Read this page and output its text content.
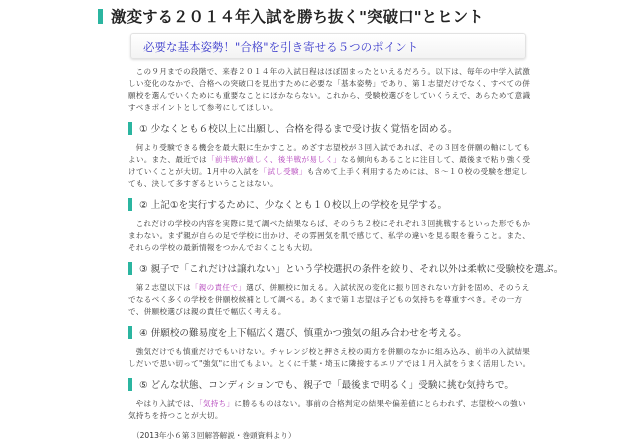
激変する２０１４年入試を勝ち抜く"突破口"とヒント
必要な基本姿勢！"合格"を引き寄せる５つのポイント

この９月までの段階で、来春２０１４年の入試日程はほぼ固まったといえるだろう。以下は、毎年の中学入試激しい変化のなかで、合格への突破口を見出すために必要な「基本姿勢」であり、第１志望だけでなく、すべての併願校を選んでいくためにも重要なことにほかならない。これから、受験校選びをしていくうえで、あらためて意識すべきポイントとして参考にしてほしい。

① 少なくとも６校以上に出願し、合格を得るまで受け抜く覚悟を固める。

何より受験できる機会を最大限に生かすこと。めざす志望校が３回入試であれば、その３回を併願の軸にしてもよい。また、最近では「前半戦が厳しく、後半戦が易しく」なる傾向もあることに注目して、最後まで粘り強く受けていくことが大切。1月中の入試を「試し受験」も含めて上手く利用するためには、８～１０校の受験を想定しても、決して多すぎるということはない。

② 上記①を実行するために、少なくとも１０校以上の学校を見学する。

これだけの学校の内容を実際に見て調べた結果ならば、そのうち２校にそれぞれ３回挑戦するといった形でもかまわない。まず親が自らの足で学校に出かけ、その雰囲気を肌で感じて、私学の違いを見る眼を養うこと。また、それらの学校の最新情報をつかんでおくことも大切。

③ 親子で「これだけは譲れない」という学校選択の条件を絞り、それ以外は柔軟に受験校を選ぶ。

第２志望以下は「親の責任で」選び、併願校に加える。入試状況の変化に振り回されない方針を固め、そのうえでなるべく多くの学校を併願校候補として調べる。あくまで第１志望は子どもの気持ちを尊重すべき。その一方で、併願校選びは親の責任で幅広く考える。

④ 併願校の難易度を上下幅広く選び、慎重かつ強気の組み合わせを考える。

強気だけでも慎重だけでもいけない。チャレンジ校と押さえ校の両方を併願のなかに組み込み、前半の入試結果しだいで思い切って"強気"に出てもよい。とくに千葉・埼玉に隣接するエリアでは１月入試をうまく活用したい。

⑤ どんな状態、コンディションでも、親子で「最後まで明るく」受験に挑む気持ちで。

やはり入試では、「気持ち」に勝るものはない。事前の合格判定の結果や偏差値にとらわれず、志望校への強い気持ちを持つことが大切。

（2013年小６第３回解答解説・巻頭資料より）
